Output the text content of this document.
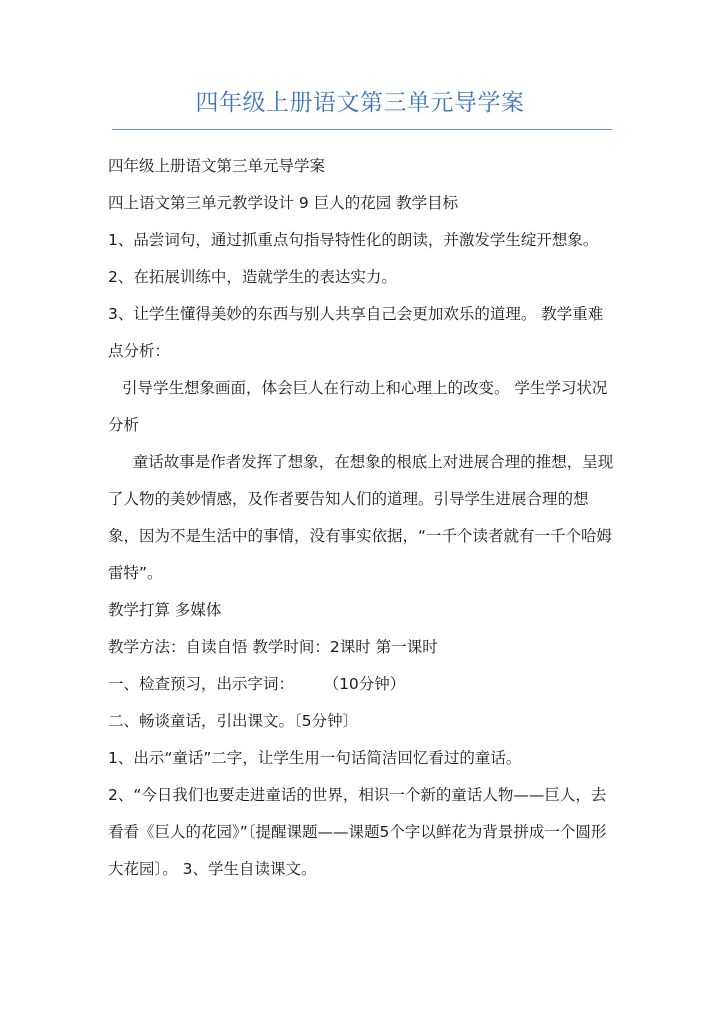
四年级上册语文第三单元导学案

四年级上册语文第三单元导学案

四上语文第三单元教学设计 9 巨人的花园 教学目标

1、品尝词句，通过抓重点句指导特性化的朗读，并激发学生绽开想象。 2、在拓展训练中，造就学生的表达实力。

3、让学生懂得美妙的东西与别人共享自己会更加欢乐的道理。 教学重难点分析：

引导学生想象画面，体会巨人在行动上和心理上的改变。 学生学习状况分析

童话故事是作者发挥了想象，在想象的根底上对进展合理的推想，呈现了人物的美妙情感，及作者要告知人们的道理。引导学生进展合理的想象，因为不是生活中的事情，没有事实依据，“一千个读者就有一千个哈姆雷特”。

教学打算 多媒体

教学方法：自读自悟 教学时间：2课时 第一课时

一、检查预习，出示字词：      （10分钟）

二、畅谈童话，引出课文。〔5分钟〕

1、出示“童话”二字，让学生用一句话简洁回忆看过的童话。

2、“今日我们也要走进童话的世界，相识一个新的童话人物——巨人，去看看《巨人的花园》”〔提醒课题——课题5个字以鲜花为背景拼成一个圆形大花园〕。 3、学生自读课文。
